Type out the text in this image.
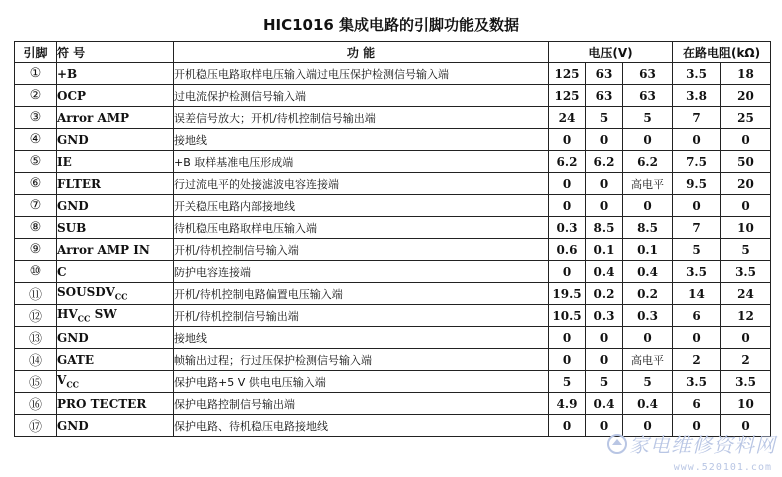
HIC1016 集成电路的引脚功能及数据
引脚	符 号	功 能	电压(V)			在路电阻(kΩ)	
①	+B	开机稳压电路取样电压输入端过电压保护检测信号输入端	125	63	63	3.5	18
②	OCP	过电流保护检测信号输入端	125	63	63	3.8	20
③	Arror AMP	误差信号放大；开机/待机控制信号输出端	24	5	5	7	25
④	GND	接地线	0	0	0	0	0
⑤	IE	+B 取样基准电压形成端	6.2	6.2	6.2	7.5	50
⑥	FLTER	行过流电平的处接滤波电容连接端	0	0	高电平	9.5	20
⑦	GND	开关稳压电路内部接地线	0	0	0	0	0
⑧	SUB	待机稳压电路取样电压输入端	0.3	8.5	8.5	7	10
⑨	Arror AMP IN	开机/待机控制信号输入端	0.6	0.1	0.1	5	5
⑩	C	防护电容连接端	0	0.4	0.4	3.5	3.5
⑪	$SOUSDV_{CC}$	开机/待机控制电路偏置电压输入端	19.5	0.2	0.2	14	24
⑫	$HV_{CC}$ SW	开机/待机控制信号输出端	10.5	0.3	0.3	6	12
⑬	GND	接地线	0	0	0	0	0
⑭	GATE	帧输出过程；行过压保护检测信号输入端	0	0	高电平	2	2
⑮	$V_{CC}$	保护电路+5 V 供电电压输入端	5	5	5	3.5	3.5
⑯	PRO TECTER	保护电路控制信号输出端	4.9	0.4	0.4	6	10
⑰	GND	保护电路、待机稳压电路接地线	0	0	0	0	0
家电维修资料网
www.520101.com
